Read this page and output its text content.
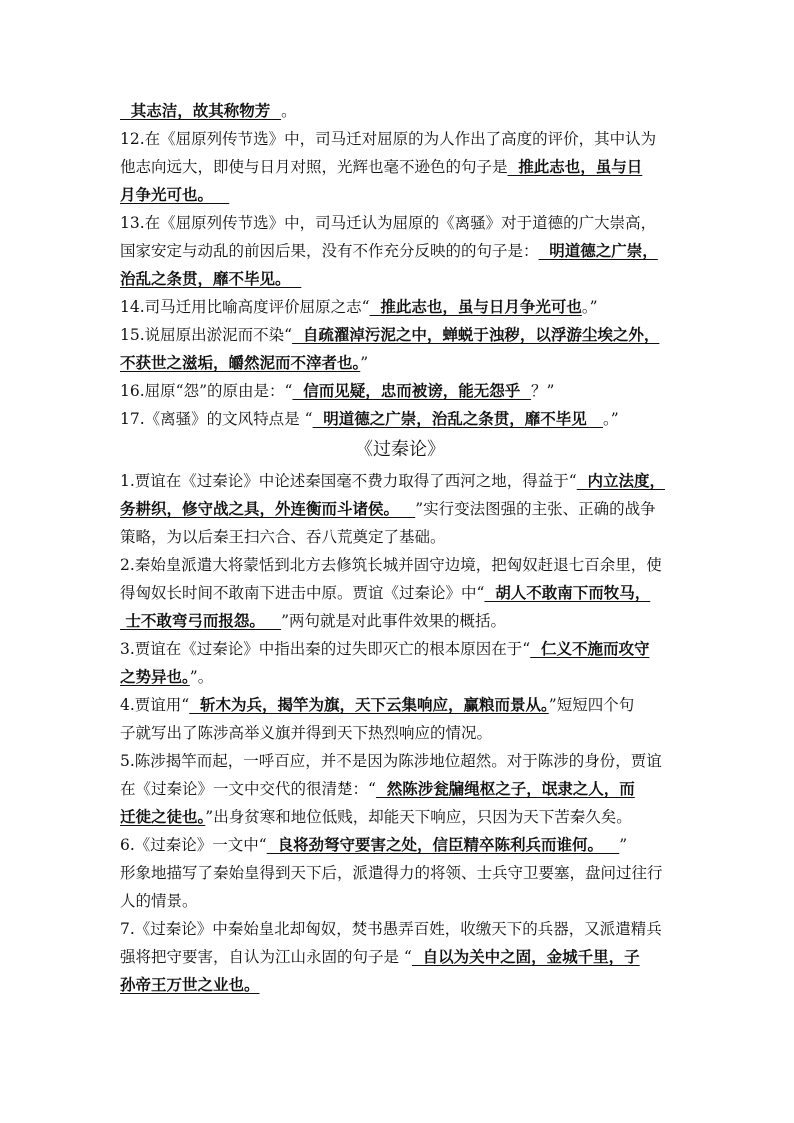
其志洁，故其称物芳  。
12.在《屈原列传节选》中，司马迁对屈原的为人作出了高度的评价，其中认为
他志向远大，即使与日月对照，光辉也毫不逊色的句子是  推此志也，虽与日
月争光可也。
13.在《屈原列传节选》中，司马迁认为屈原的《离骚》对于道德的广大崇高，
国家安定与动乱的前因后果，没有不作充分反映的的句子是：  明道德之广崇，
治乱之条贯，靡不毕见。
14.司马迁用比喻高度评价屈原之志“  推此志也，虽与日月争光可也。”
15.说屈原出淤泥而不染“  自疏濯淖污泥之中，蝉蜕于浊秽，以浮游尘埃之外，
不获世之滋垢，皭然泥而不滓者也。”
16.屈原“怨”的原由是：“  信而见疑，忠而被谤，能无怨乎  ？”
17.《离骚》的文风特点是 “  明道德之广崇，治乱之条贯，靡不毕见   。”
《过秦论》
1.贾谊在《过秦论》中论述秦国毫不费力取得了西河之地，得益于“  内立法度，
务耕织，修守战之具，外连衡而斗诸侯。   ”实行变法图强的主张、正确的战争
策略，为以后秦王扫六合、吞八荒奠定了基础。
2.秦始皇派遣大将蒙恬到北方去修筑长城并固守边境，把匈奴赶退七百余里，使
得匈奴长时间不敢南下进击中原。贾谊《过秦论》中“  胡人不敢南下而牧马，
士不敢弯弓而报怨。   ”两句就是对此事件效果的概括。
3.贾谊在《过秦论》中指出秦的过失即灭亡的根本原因在于“  仁义不施而攻守
之势异也。”。
4.贾谊用“  斩木为兵，揭竿为旗，天下云集响应，赢粮而景从。”短短四个句
子就写出了陈涉高举义旗并得到天下热烈响应的情况。
5.陈涉揭竿而起，一呼百应，并不是因为陈涉地位超然。对于陈涉的身份，贾谊
在《过秦论》一文中交代的很清楚：“  然陈涉瓮牖绳枢之子，氓隶之人，而
迁徙之徒也。”出身贫寒和地位低贱，却能天下响应，只因为天下苦秦久矣。
6.《过秦论》一文中“  良将劲弩守要害之处，信臣精卒陈利兵而谁何。   ”
形象地描写了秦始皇得到天下后，派遣得力的将领、士兵守卫要塞，盘问过往行
人的情景。
7.《过秦论》中秦始皇北却匈奴，焚书愚弄百姓，收缴天下的兵器，又派遣精兵
强将把守要害，自认为江山永固的句子是 “  自以为关中之固，金城千里，子
孙帝王万世之业也。
